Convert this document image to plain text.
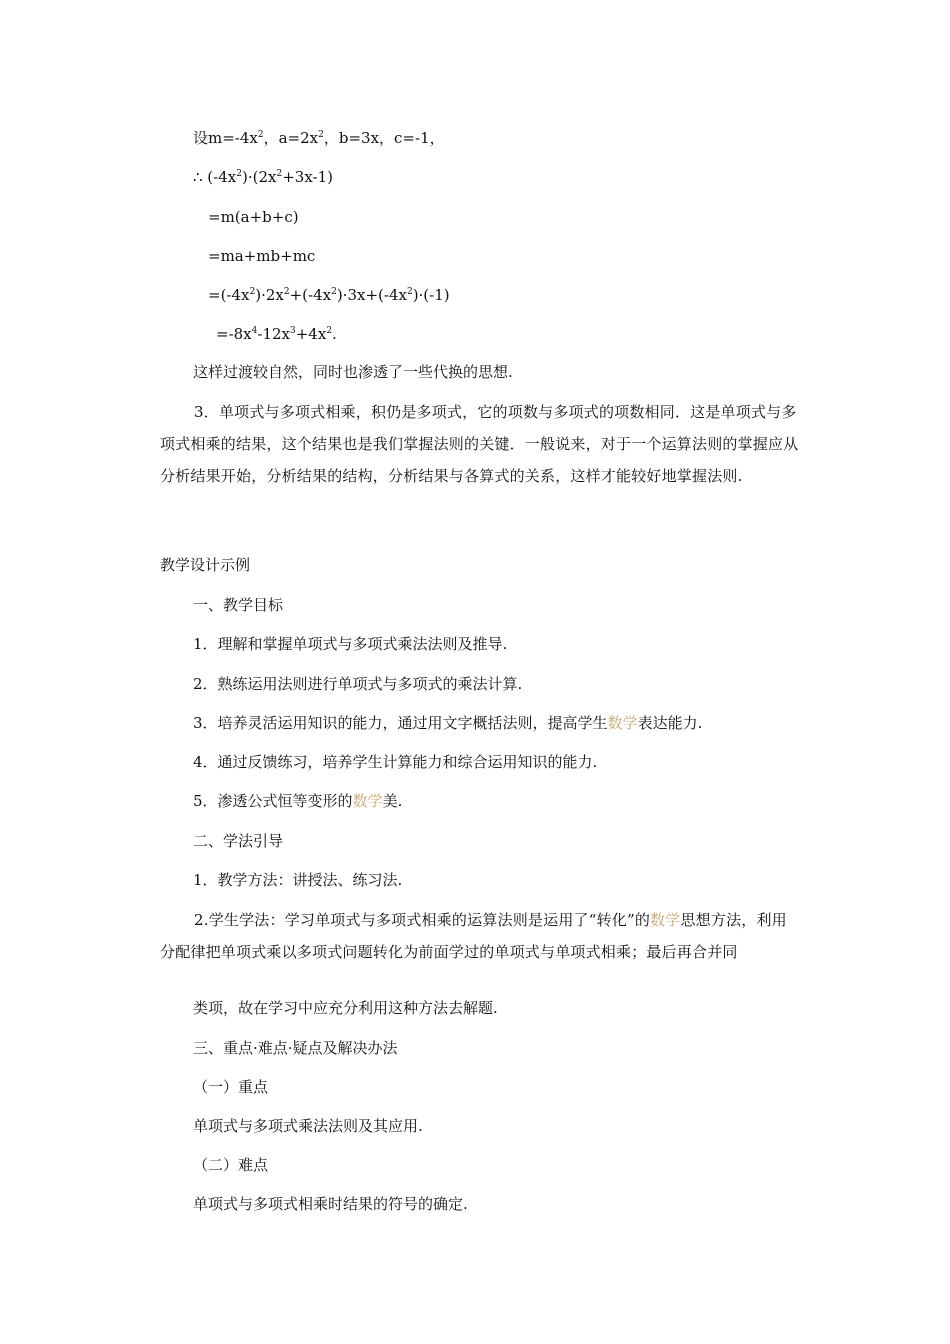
设$m=-4x^2$，$a=2x^2$，b=3x，c=-1，
∴ $(-4x^2)\cdot(2x^2+3x-1)$
=m(a+b+c)
=ma+mb+mc
$=(-4x^2)\cdot 2x^2+(-4x^2)\cdot 3x+(-4x^2)\cdot(-1)$
$=-8x^4-12x^3+4x^2$.
这样过渡较自然，同时也渗透了一些代换的思想.
3．单项式与多项式相乘，积仍是多项式，它的项数与多项式的项数相同．这是单项式与多项式相乘的结果，这个结果也是我们掌握法则的关键．一般说来，对于一个运算法则的掌握应从分析结果开始，分析结果的结构，分析结果与各算式的关系，这样才能较好地掌握法则.
教学设计示例
一、教学目标
1．理解和掌握单项式与多项式乘法法则及推导.
2．熟练运用法则进行单项式与多项式的乘法计算.
3．培养灵活运用知识的能力，通过用文字概括法则，提高学生数学表达能力.
4．通过反馈练习，培养学生计算能力和综合运用知识的能力.
5．渗透公式恒等变形的数学美.
二、学法引导
1．教学方法：讲授法、练习法.
2.学生学法：学习单项式与多项式相乘的运算法则是运用了“转化”的数学思想方法，利用分配律把单项式乘以多项式问题转化为前面学过的单项式与单项式相乘；最后再合并同
类项，故在学习中应充分利用这种方法去解题.
三、重点·难点·疑点及解决办法
（一）重点
单项式与多项式乘法法则及其应用.
（二）难点
单项式与多项式相乘时结果的符号的确定.
